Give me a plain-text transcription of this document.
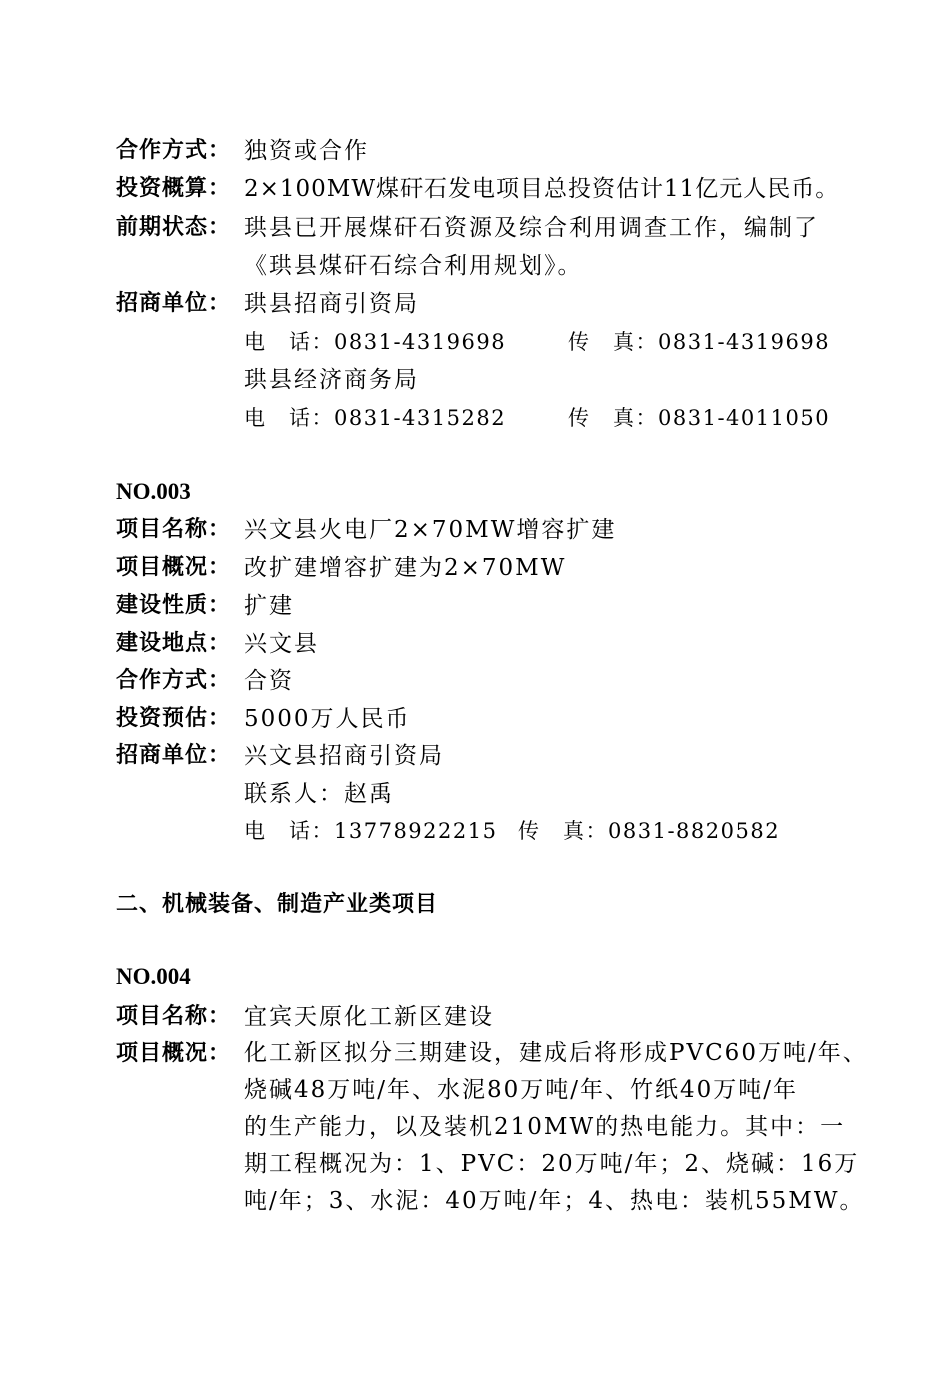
合作方式： 独资或合作
投资概算： 2×100MW煤矸石发电项目总投资估计11亿元人民币。
前期状态： 珙县已开展煤矸石资源及综合利用调查工作，编制了
《珙县煤矸石综合利用规划》。
招商单位： 珙县招商引资局
电　话：0831-4319698	传　真：0831-4319698
珙县经济商务局
电　话：0831-4315282	传　真：0831-4011050
NO.003
项目名称： 兴文县火电厂2×70MW增容扩建
项目概况： 改扩建增容扩建为2×70MW
建设性质： 扩建
建设地点： 兴文县
合作方式： 合资
投资预估： 5000万人民币
招商单位： 兴文县招商引资局
联系人：赵禹
电　话：13778922215 传　真：0831-8820582
二、机械装备、制造产业类项目
NO.004
项目名称： 宜宾天原化工新区建设
项目概况： 化工新区拟分三期建设，建成后将形成PVC60万吨/年、
烧碱48万吨/年、水泥80万吨/年、竹纸40万吨/年
的生产能力，以及装机210MW的热电能力。其中：一
期工程概况为：1、PVC：20万吨/年；2、烧碱：16万
吨/年；3、水泥：40万吨/年；4、热电：装机55MW。
